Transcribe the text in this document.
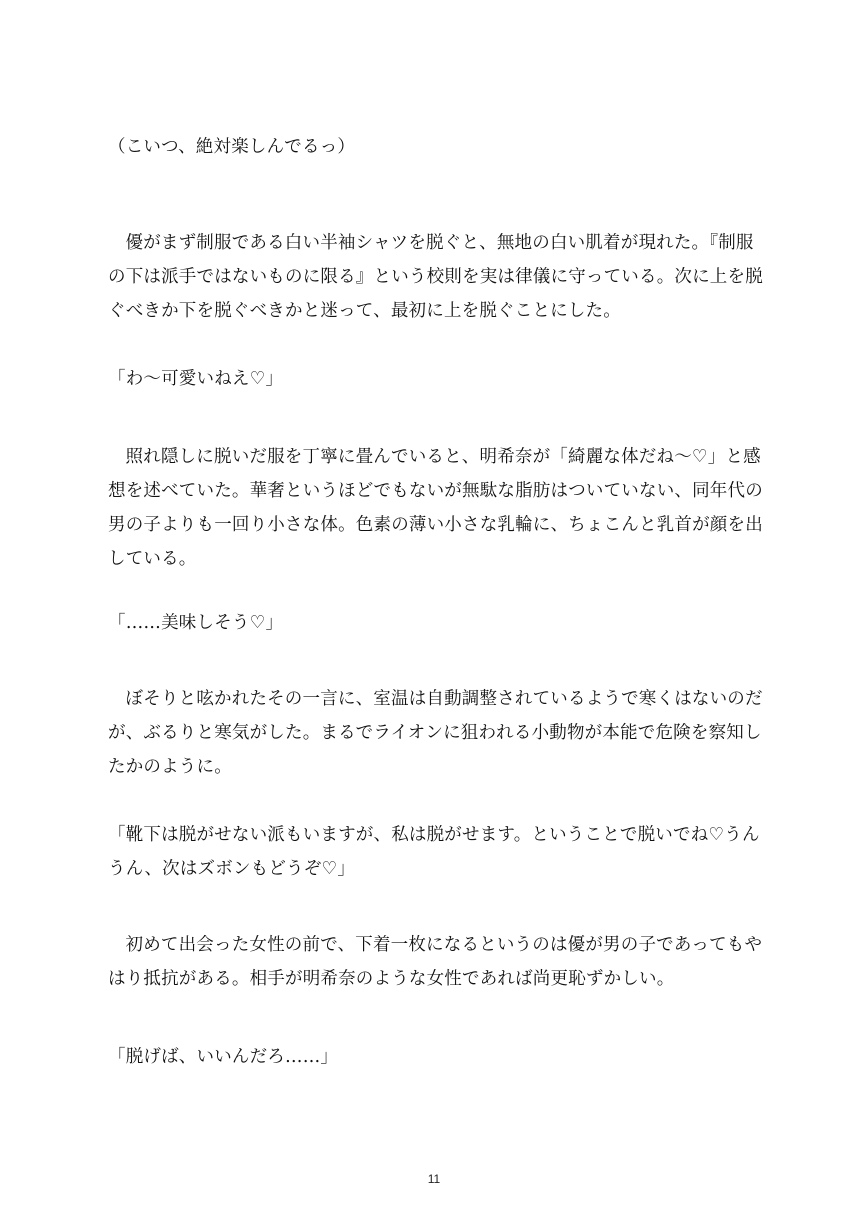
（こいつ、絶対楽しんでるっ）

優がまず制服である白い半袖シャツを脱ぐと、無地の白い肌着が現れた。『制服の下は派手ではないものに限る』という校則を実は律儀に守っている。次に上を脱ぐべきか下を脱ぐべきかと迷って、最初に上を脱ぐことにした。

「わ～可愛いねえ♡」

照れ隠しに脱いだ服を丁寧に畳んでいると、明希奈が「綺麗な体だね～♡」と感想を述べていた。華奢というほどでもないが無駄な脂肪はついていない、同年代の男の子よりも一回り小さな体。色素の薄い小さな乳輪に、ちょこんと乳首が顔を出している。

「……美味しそう♡」

ぼそりと呟かれたその一言に、室温は自動調整されているようで寒くはないのだが、ぶるりと寒気がした。まるでライオンに狙われる小動物が本能で危険を察知したかのように。

「靴下は脱がせない派もいますが、私は脱がせます。ということで脱いでね♡うんうん、次はズボンもどうぞ♡」

初めて出会った女性の前で、下着一枚になるというのは優が男の子であってもやはり抵抗がある。相手が明希奈のような女性であれば尚更恥ずかしい。

「脱げば、いいんだろ……」

11
